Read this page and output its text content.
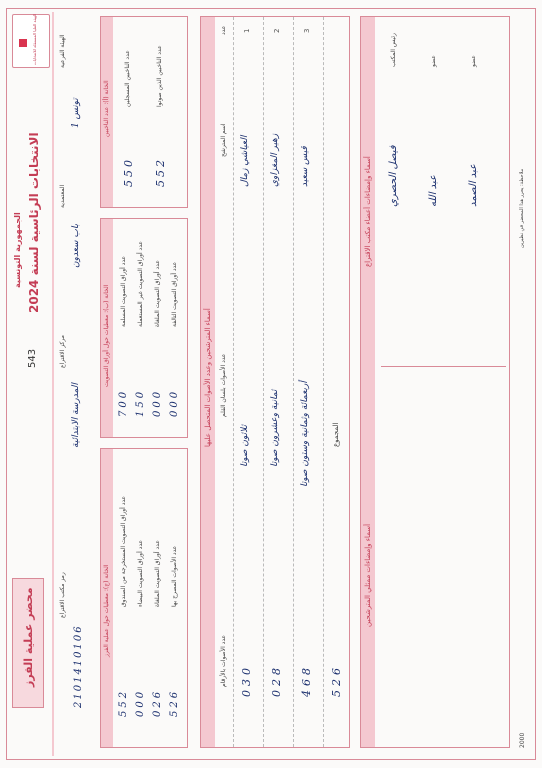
الهيئة العليا المستقلة للانتخابات
الجمهورية التونسية
الانتخابات الرئاسية لسنة 2024
543
محضر عملية الفرز
الهيئة الفرعية
تونس 1
المعتمدية
باب سعدون
مركز الاقتراع
المدرسة الابتدائية
رمز مكتب الاقتراع
2101410106
الخانة (أ): عدد الناخبين
عدد الناخبين المسجلين
550
عدد الناخبين الذين صوتوا
552
الخانة (ب): معطيات حول أوراق التصويت عدد أوراق التصويت المسلمة
700
عدد أوراق التصويت غير المستعملة
150
عدد أوراق التصويت الملغاة
000
عدد أوراق التصويت التالفة
000
الخانة (ج): معطيات حول عملية الفرز
عدد أوراق التصويت المستخرجة من الصندوق
552
عدد أوراق التصويت البيضاء
000
عدد أوراق التصويت الملغاة
026
عدد الأصوات المصرح بها
526
أسماء المترشحين وعدد الأصوات المتحصل عليها
عدد
اسم المترشح
عدد الأصوات بلسان القلم
عدد الأصوات بالأرقام
1
العياشي زمال
ثلاثون صوتا
030
2
زهير المغزاوي
ثمانية وعشرون صوتا
028
3
قيس سعيد
أربعمائة وثمانية وستون صوتا
468
المجموع
526
أسماء وإمضاءات أعضاء مكتب الاقتراع
أسماء وإمضاءات ممثلي المترشحين
رئيس المكتب
فيصل الحصري
عضو
عبد الله
عضو
عبد الصمد	ملاحظة: يحرر هذا المحضر في نظيرين
2000
